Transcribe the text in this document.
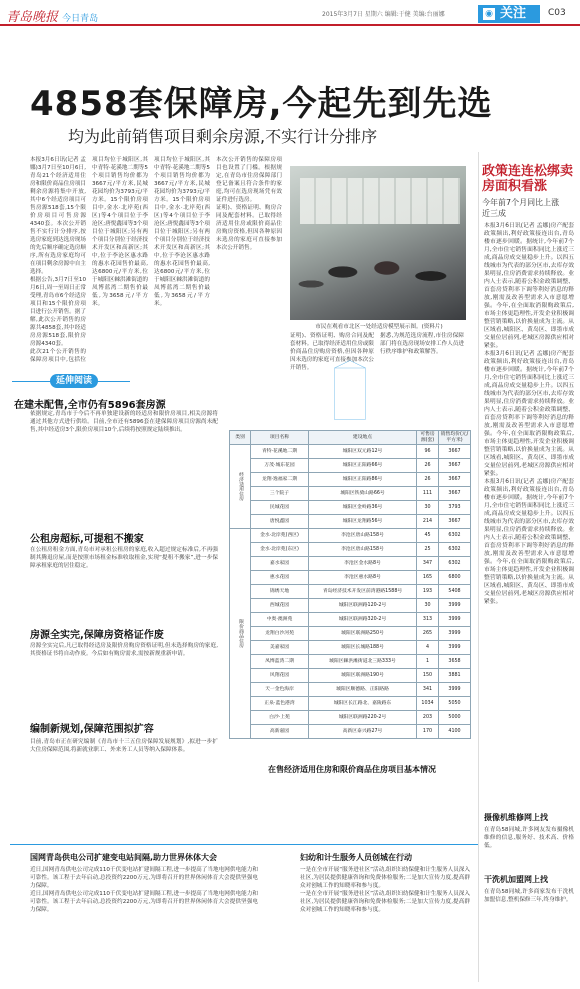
青岛晚报 今日青岛	2015年3月7日 星期六 编辑:于健 美编:台丽娜	◉ 关注	C03
4858套保障房,今起先到先选
均为此前销售项目剩余房源,不实行计分排序

本报3月6日讯(记者 孟娜)3月7日至10月6日,青岛21个经济适用住房和限价商品住房项目剩余房源将集中开放,其中6个经适房项目可售房源518套,15个限价房项目可售房源4340套。本次公开销售不实行计分排序,按选房家庭到达选房现场的先后顺序确定选房顺序,所有选房家庭均可在项目剩余房源中自主选择。

根据公告,3月7日至10月6日,周一至周日正常受理,青岛市6个经适房项目和15个限价房项目进行公开销售。据了解,此次公开销售的房源共4858套,其中经适房房源518套,限价房房源4340套。

此次21个公开销售的保障房项目中,包括位

项目均位于城阳区,其中青特·花溪地二期等5个项目销售均价都为3667元/平方米,民城花园均价为3793元/平方米。15个限价房项目中,金水·北岸苑(西区)等4个项目位于李沧区;唐悦鑫园等3个项目位于城阳区;另有两个项目分别位于经济技术开发区和高新区;其中,位于李沧区惠水路的惠水花园售价最高,达6800元/平方米,位于城阳区棘洪滩街道的凤博蓝湾二期售价最低,为3658元/平方米。

项目均位于城阳区,其中青特·花溪地二期等5个项目销售均价都为3667元/平方米,民城花园均价为3793元/平方米。15个限价房项目中,金水·北岸苑(西区)等4个项目位于李沧区;唐悦鑫园等3个项目位于城阳区;另有两个项目分别位于经济技术开发区和高新区;其中,位于李沧区惠水路的惠水花园售价最高,达6800元/平方米,位于城阳区棘洪滩街道的凤博蓝湾二期售价最低,为3658元/平方米。

本次公开销售的保障房项目也设置了门槛。根据规定,在青岛市住房保障部门登记备案且符合条件的家庭,均可在选房现场凭有效证件进行选房。

证明)、资格证明、购房合同及配套材料。已取得经济适用住房或限价商品住房购房资格,但因各种原因未选房的家庭可直接参加本次公开销售。

证明)、资格证明、购房合同及配套材料。已取得经济适用住房或限价商品住房购房资格,但因各种原因未选房的家庭可直接参加本次公开销售。

据悉,为规范选房流程,市住房保障部门将在选房现场安排工作人员进行秩序维护和政策解答。

市民在观看市北区一处经适房模型展示图。(资料片)
政策连连松绑卖房面积看涨
今年前7个月同比上涨近三成

本报3月6日讯(记者 孟娜)房产配套政策频出,利好政策接连出台,青岛楼市逐步回暖。据统计,今年前7个月,全市住宅销售面积同比上涨近三成,商品房成交量稳步上升。以四五线城市为代表的部分区市,去库存效果明显,住房消费需求持续释放。业内人士表示,随着公积金政策调整、首套房贷利率下调等利好消息的释放,刚需及改善型需求入市意愿增强。今年,在全面取消限购政策后,市场主体更趋理性,开发企业积极调整营销策略,以价换量成为主流。从区域看,城阳区、黄岛区、即墨市成交量位居前列,老城区房源供应相对紧张。

本报3月6日讯(记者 孟娜)房产配套政策频出,利好政策接连出台,青岛楼市逐步回暖。据统计,今年前7个月,全市住宅销售面积同比上涨近三成,商品房成交量稳步上升。以四五线城市为代表的部分区市,去库存效果明显,住房消费需求持续释放。业内人士表示,随着公积金政策调整、首套房贷利率下调等利好消息的释放,刚需及改善型需求入市意愿增强。今年,在全面取消限购政策后,市场主体更趋理性,开发企业积极调整营销策略,以价换量成为主流。从区域看,城阳区、黄岛区、即墨市成交量位居前列,老城区房源供应相对紧张。

本报3月6日讯(记者 孟娜)房产配套政策频出,利好政策接连出台,青岛楼市逐步回暖。据统计,今年前7个月,全市住宅销售面积同比上涨近三成,商品房成交量稳步上升。以四五线城市为代表的部分区市,去库存效果明显,住房消费需求持续释放。业内人士表示,随着公积金政策调整、首套房贷利率下调等利好消息的释放,刚需及改善型需求入市意愿增强。今年,在全面取消限购政策后,市场主体更趋理性,开发企业积极调整营销策略,以价换量成为主流。从区域看,城阳区、黄岛区、即墨市成交量位居前列,老城区房源供应相对紧张。

延伸阅读
在建未配售,全市仍有5896套房源

依据规定,青岛市于今后不再单独建设新的经适房和限价房项目,相关房源将通过其他方式进行供给。目前,全市还有5896套在建保障房项目房源尚未配售,其中经适房3个,限价房项目10个,后续将按照规定陆续推出。

公租房超标,可提租不搬家

在公租房租金方面,青岛市对承租公租房的家庭,收入超过规定标准后,不再强制其腾退房屋,而是按照市场租金标准收取租金,实现“提租不搬家”,进一步保障承租家庭的居住稳定。

房源全实完,保障房资格证作废

房源全实完后,凡已取得经适房及限价房购房资格证明,但未选择购房的家庭,其资格证书将自动作废。今后如有购房需求,需按新规重新申请。

编制新规划,保障范围拟扩容

目前,青岛市正在研究编制《青岛市十三五住房保障发展规划》,拟进一步扩大住房保障范围,将新就业职工、外来务工人员等纳入保障体系。

在售经济适用住房和限价商品住房项目基本情况
类别	项目名称	建设地点	可售房源(套)	销售均价(元/平方米)
经济适用住房	青特·花溪地二期	城阳区双元路12号	96	3667
	万茂·城东花园	城阳区正阳路66号	26	3667
	龙翔·逸福家二期	城阳区正阳路86号	26	3667
	三个院子	城阳区铁骑山路66号	111	3667
	民城花园	城阳区金岭路36号	30	3793
	唐悦鑫园	城阳区龙翔路56号	214	3667
限价商品住房	金水·北岸苑(西区)	李沧区唐山路158号	45	6302
	金水·北岸苑(东区)	李沧区唐山路158号	25	6302
	嘉水家园	李沧区金水路8号	347	6302
	惠水花园	李沧区惠水路8号	165	6800
	锦绣天地	青岛经济技术开发区前湾港路1588号	193	5408
	西城花园	城阳区联洲路120-2号	30	3999
	中奥·澳洲苑	城阳区联洲路320-2号	313	3999
	龙翔白沙河苑	城阳区联洲路250号	265	3999
	美嘉家园	城阳区长城路188号	4	3999
	凤博蓝湾二期	城阳区棘洪滩街道北三路333号	1	3658
	风翔花园	城阳区联洲路190号	150	3881
	天一金色海岸	城阳区顺德路、正阳路路	341	3999
	正泉·蓝色港湾	城阳区长江路北、嘉陵路东	1034	5050
	白沙·上苑	城阳区联洲路220-2号	203	5000
	高新嘉园	高新区泰兴路27号	170	4100
国网青岛供电公司扩建变电站间隔,助力世界休体大会

近日,国网青岛供电公司完成110千伏变电站扩建间隔工程,进一步提高了当地电网供电能力和可靠性。该工程于去年启动,总投资约2200万元,为即将召开的世界休闲体育大会提供坚强电力保障。

近日,国网青岛供电公司完成110千伏变电站扩建间隔工程,进一步提高了当地电网供电能力和可靠性。该工程于去年启动,总投资约2200万元,为即将召开的世界休闲体育大会提供坚强电力保障。

妇幼和计生服务人员创城在行动

一是在全市开展“服务进社区”活动,组织妇幼保健和计生服务人员深入社区,为居民提供健康咨询和免费体检服务;二是加大宣传力度,提高群众对创城工作的知晓率和参与度。

一是在全市开展“服务进社区”活动,组织妇幼保健和计生服务人员深入社区,为居民提供健康咨询和免费体检服务;二是加大宣传力度,提高群众对创城工作的知晓率和参与度。

摄像机维修网上找
在青岛58同城,许多网友发布摄像机维修的信息,服务好、技术高、价格低。
干洗机加盟网上找
在青岛58同城,许多商家发布干洗机加盟信息,整机保修三年,终身维护。
